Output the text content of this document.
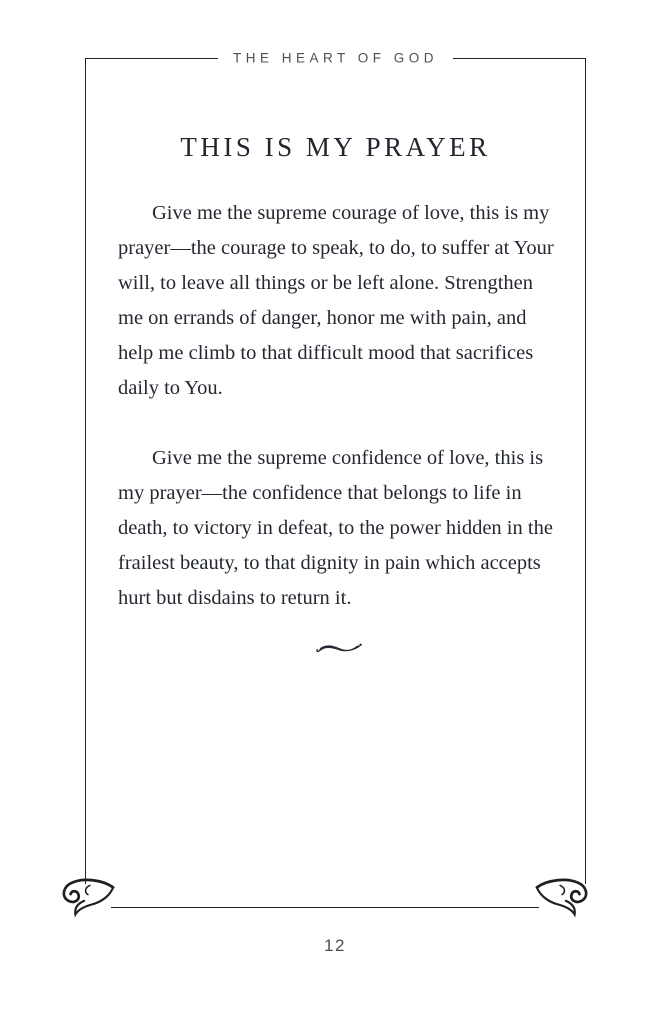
THE HEART OF GOD
THIS IS MY PRAYER

Give me the supreme courage of love, this is my prayer—the courage to speak, to do, to suffer at Your will, to leave all things or be left alone. Strengthen me on errands of danger, honor me with pain, and help me climb to that difficult mood that sacrifices daily to You.

Give me the supreme confidence of love, this is my prayer—the confidence that belongs to life in death, to victory in defeat, to the power hidden in the frailest beauty, to that dignity in pain which accepts hurt but disdains to return it.

12
